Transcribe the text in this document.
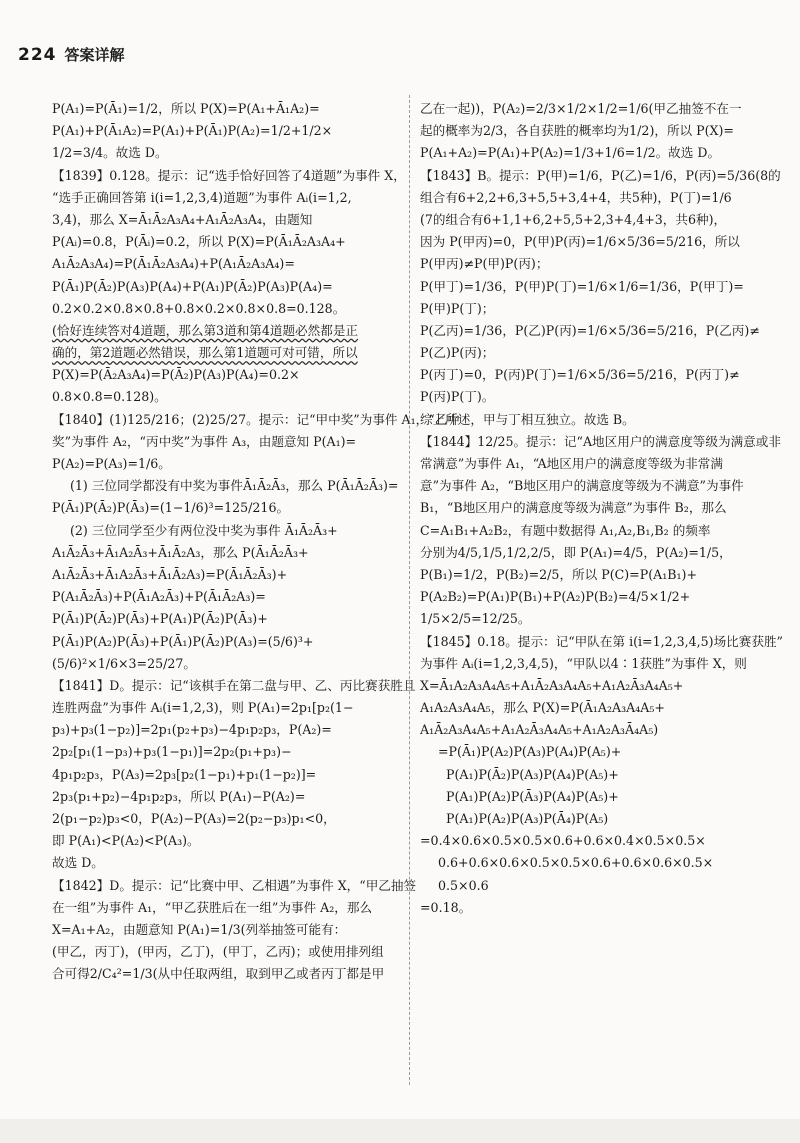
224 答案详解
P(A₁)=P(Ā₁)=1/2，所以 P(X)=P(A₁+Ā₁A₂)=
P(A₁)+P(Ā₁A₂)=P(A₁)+P(Ā₁)P(A₂)=1/2+1/2×
1/2=3/4。故选 D。
【1839】0.128。提示：记“选手恰好回答了4道题”为事件 X，
“选手正确回答第 i(i=1,2,3,4)道题”为事件 Aᵢ(i=1,2,
3,4)，那么 X=Ā₁Ā₂A₃A₄+A₁Ā₂A₃A₄，由题知
P(Aᵢ)=0.8，P(Āᵢ)=0.2，所以 P(X)=P(Ā₁Ā₂A₃A₄+
A₁Ā₂A₃A₄)=P(Ā₁Ā₂A₃A₄)+P(A₁Ā₂A₃A₄)=
P(Ā₁)P(Ā₂)P(A₃)P(A₄)+P(A₁)P(Ā₂)P(A₃)P(A₄)=
0.2×0.2×0.8×0.8+0.8×0.2×0.8×0.8=0.128。
(恰好连续答对4道题，那么第3道和第4道题必然都是正
确的，第2道题必然错误，那么第1道题可对可错，所以
P(X)=P(Ā₂A₃A₄)=P(Ā₂)P(A₃)P(A₄)=0.2×
0.8×0.8=0.128)。
【1840】(1)125/216；(2)25/27。提示：记“甲中奖”为事件 A₁，“乙中
奖”为事件 A₂，“丙中奖”为事件 A₃，由题意知 P(A₁)=
P(A₂)=P(A₃)=1/6。
(1) 三位同学都没有中奖为事件Ā₁Ā₂Ā₃，那么 P(Ā₁Ā₂Ā₃)=
P(Ā₁)P(Ā₂)P(Ā₃)=(1−1/6)³=125/216。
(2) 三位同学至少有两位没中奖为事件 Ā₁Ā₂Ā₃+
A₁Ā₂Ā₃+Ā₁A₂Ā₃+Ā₁Ā₂A₃，那么 P(Ā₁Ā₂Ā₃+
A₁Ā₂Ā₃+Ā₁A₂Ā₃+Ā₁Ā₂A₃)=P(Ā₁Ā₂Ā₃)+
P(A₁Ā₂Ā₃)+P(Ā₁A₂Ā₃)+P(Ā₁Ā₂A₃)=
P(Ā₁)P(Ā₂)P(Ā₃)+P(A₁)P(Ā₂)P(Ā₃)+
P(Ā₁)P(A₂)P(Ā₃)+P(Ā₁)P(Ā₂)P(A₃)=(5/6)³+
(5/6)²×1/6×3=25/27。
【1841】D。提示：记“该棋手在第二盘与甲、乙、丙比赛获胜且
连胜两盘”为事件 Aᵢ(i=1,2,3)，则 P(A₁)=2p₁[p₂(1−
p₃)+p₃(1−p₂)]=2p₁(p₂+p₃)−4p₁p₂p₃，P(A₂)=
2p₂[p₁(1−p₃)+p₃(1−p₁)]=2p₂(p₁+p₃)−
4p₁p₂p₃，P(A₃)=2p₃[p₂(1−p₁)+p₁(1−p₂)]=
2p₃(p₁+p₂)−4p₁p₂p₃，所以 P(A₁)−P(A₂)=
2(p₁−p₂)p₃<0，P(A₂)−P(A₃)=2(p₂−p₃)p₁<0，
即 P(A₁)<P(A₂)<P(A₃)。
故选 D。
【1842】D。提示：记“比赛中甲、乙相遇”为事件 X，“甲乙抽签
在一组”为事件 A₁，“甲乙获胜后在一组”为事件 A₂，那么
X=A₁+A₂，由题意知 P(A₁)=1/3(列举抽签可能有：
(甲乙，丙丁)，(甲丙，乙丁)，(甲丁，乙丙)；或使用排列组
合可得2/C₄²=1/3(从中任取两组，取到甲乙或者丙丁都是甲
乙在一起))，P(A₂)=2/3×1/2×1/2=1/6(甲乙抽签不在一
起的概率为2/3，各自获胜的概率均为1/2)，所以 P(X)=
P(A₁+A₂)=P(A₁)+P(A₂)=1/3+1/6=1/2。故选 D。
【1843】B。提示：P(甲)=1/6，P(乙)=1/6，P(丙)=5/36(8的
组合有6+2,2+6,3+5,5+3,4+4，共5种)，P(丁)=1/6
(7的组合有6+1,1+6,2+5,5+2,3+4,4+3，共6种)，
因为 P(甲丙)=0，P(甲)P(丙)=1/6×5/36=5/216，所以
P(甲丙)≠P(甲)P(丙)；
P(甲丁)=1/36，P(甲)P(丁)=1/6×1/6=1/36，P(甲丁)=
P(甲)P(丁)；
P(乙丙)=1/36，P(乙)P(丙)=1/6×5/36=5/216，P(乙丙)≠
P(乙)P(丙)；
P(丙丁)=0，P(丙)P(丁)=1/6×5/36=5/216，P(丙丁)≠
P(丙)P(丁)。
综上所述，甲与丁相互独立。故选 B。
【1844】12/25。提示：记“A地区用户的满意度等级为满意或非
常满意”为事件 A₁，“A地区用户的满意度等级为非常满
意”为事件 A₂，“B地区用户的满意度等级为不满意”为事件
B₁，“B地区用户的满意度等级为满意”为事件 B₂，那么
C=A₁B₁+A₂B₂，有题中数据得 A₁,A₂,B₁,B₂ 的频率
分别为4/5,1/5,1/2,2/5，即 P(A₁)=4/5，P(A₂)=1/5，
P(B₁)=1/2，P(B₂)=2/5，所以 P(C)=P(A₁B₁)+
P(A₂B₂)=P(A₁)P(B₁)+P(A₂)P(B₂)=4/5×1/2+
1/5×2/5=12/25。
【1845】0.18。提示：记“甲队在第 i(i=1,2,3,4,5)场比赛获胜”
为事件 Aᵢ(i=1,2,3,4,5)，“甲队以4∶1获胜”为事件 X，则
X=Ā₁A₂A₃A₄A₅+A₁Ā₂A₃A₄A₅+A₁A₂Ā₃A₄A₅+
A₁A₂A₃A₄A₅，那么 P(X)=P(Ā₁A₂A₃A₄A₅+
A₁Ā₂A₃A₄A₅+A₁A₂Ā₃A₄A₅+A₁A₂A₃Ā₄A₅)
=P(Ā₁)P(A₂)P(A₃)P(A₄)P(A₅)+
P(A₁)P(Ā₂)P(A₃)P(A₄)P(A₅)+
P(A₁)P(A₂)P(Ā₃)P(A₄)P(A₅)+
P(A₁)P(A₂)P(A₃)P(Ā₄)P(A₅)
=0.4×0.6×0.5×0.5×0.6+0.6×0.4×0.5×0.5×
0.6+0.6×0.6×0.5×0.5×0.6+0.6×0.6×0.5×
0.5×0.6
=0.18。
